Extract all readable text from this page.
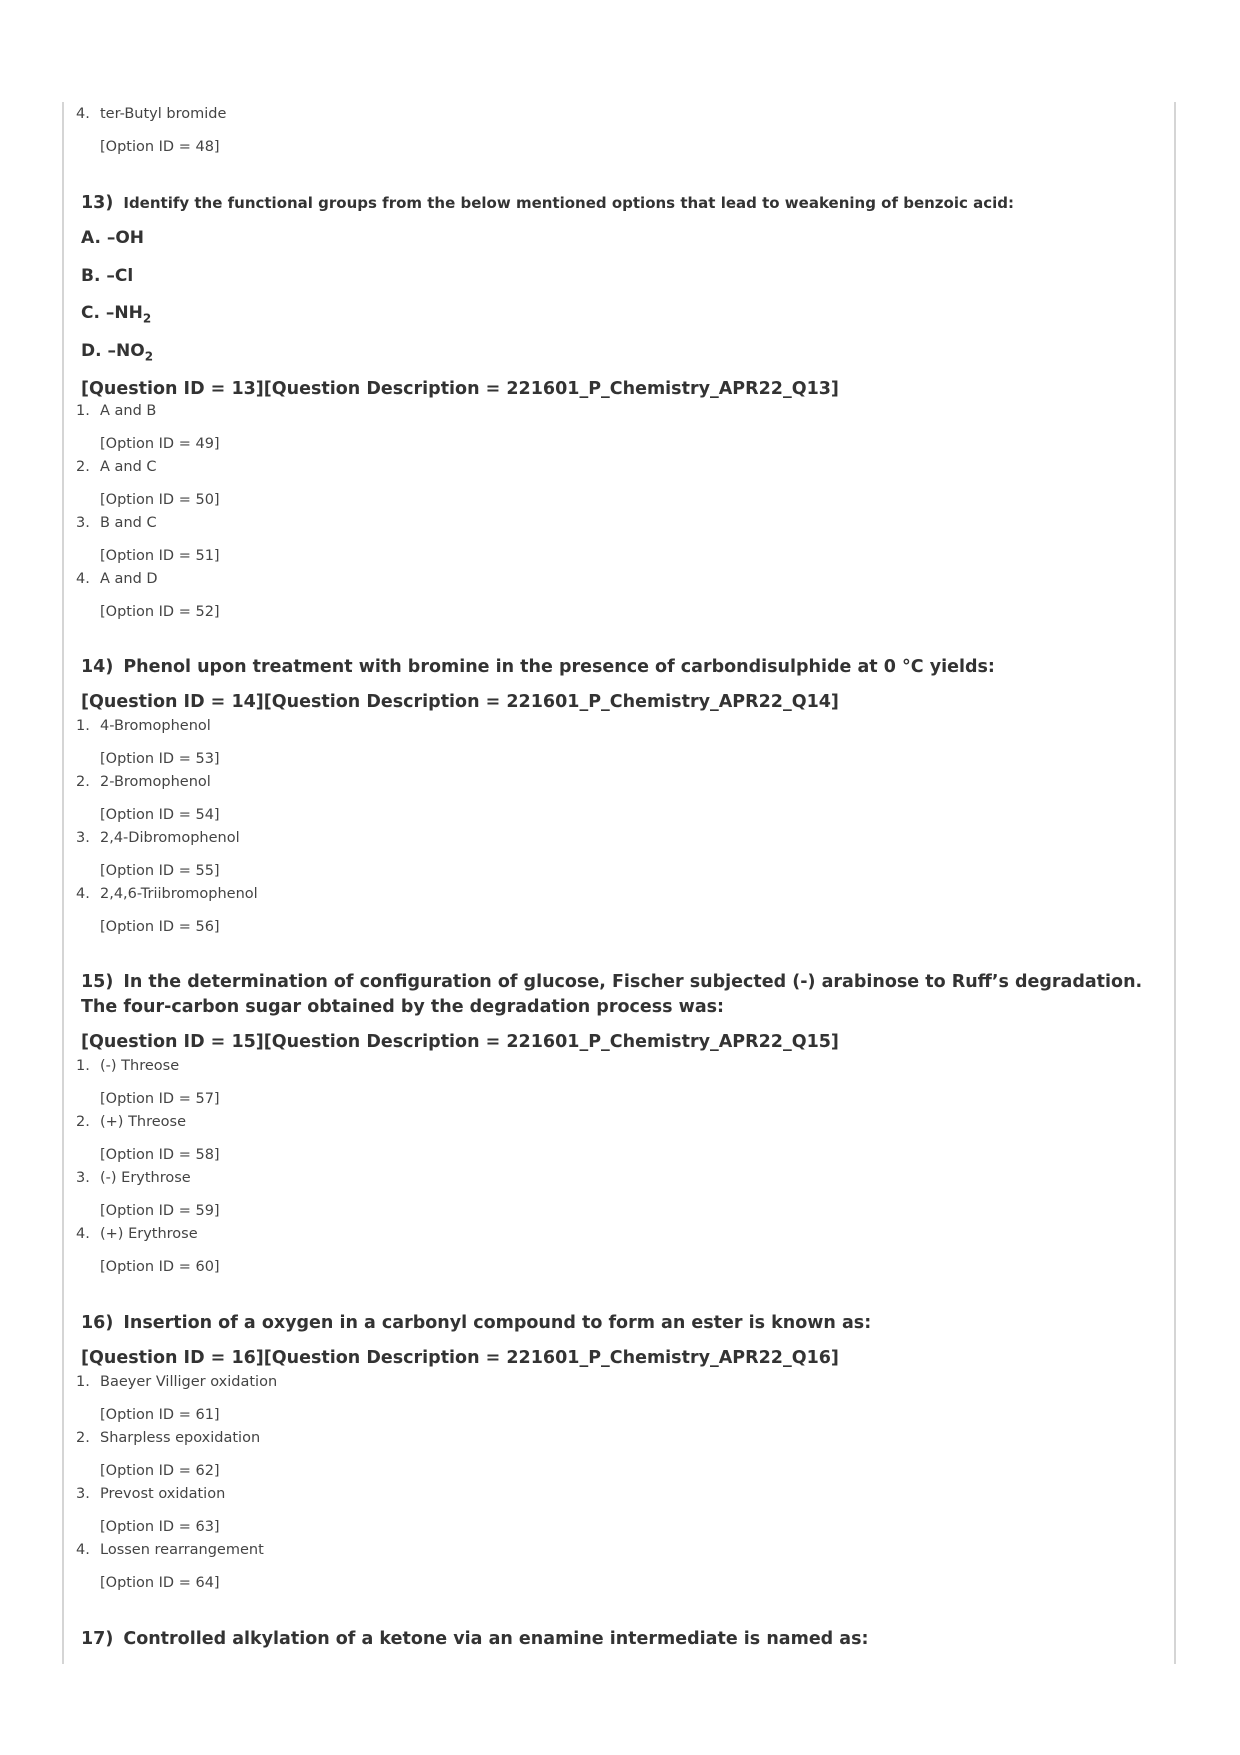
4. ter-Butyl bromide
[Option ID = 48]
13) Identify the functional groups from the below mentioned options that lead to weakening of benzoic acid:
A. –OH
B. –Cl
C. $-NH_2$
D. $-NO_2$
[Question ID = 13][Question Description = 221601_P_Chemistry_APR22_Q13]
1. A and B
[Option ID = 49]
2. A and C
[Option ID = 50]
3. B and C
[Option ID = 51]
4. A and D
[Option ID = 52]
14) Phenol upon treatment with bromine in the presence of carbondisulphide at 0 °C yields:
[Question ID = 14][Question Description = 221601_P_Chemistry_APR22_Q14]
1. 4-Bromophenol
[Option ID = 53]
2. 2-Bromophenol
[Option ID = 54]
3. 2,4-Dibromophenol
[Option ID = 55]
4. 2,4,6-Triibromophenol
[Option ID = 56]
15) In the determination of configuration of glucose, Fischer subjected (-) arabinose to Ruff’s degradation. The four-carbon sugar obtained by the degradation process was:
[Question ID = 15][Question Description = 221601_P_Chemistry_APR22_Q15]
1. (-) Threose
[Option ID = 57]
2. (+) Threose
[Option ID = 58]
3. (-) Erythrose
[Option ID = 59]
4. (+) Erythrose
[Option ID = 60]
16) Insertion of a oxygen in a carbonyl compound to form an ester is known as:
[Question ID = 16][Question Description = 221601_P_Chemistry_APR22_Q16]
1. Baeyer Villiger oxidation
[Option ID = 61]
2. Sharpless epoxidation
[Option ID = 62]
3. Prevost oxidation
[Option ID = 63]
4. Lossen rearrangement
[Option ID = 64]
17) Controlled alkylation of a ketone via an enamine intermediate is named as:
